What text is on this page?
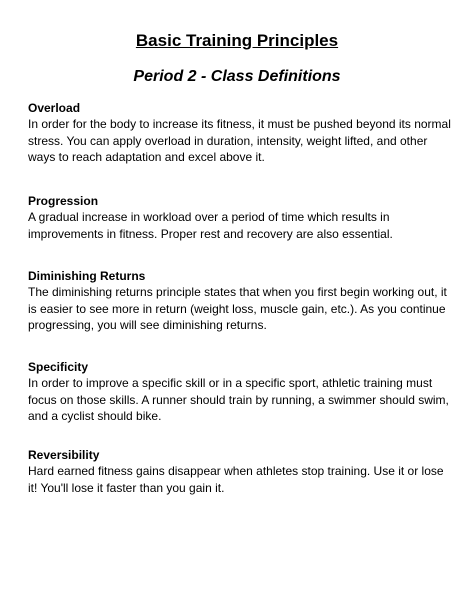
Basic Training Principles
Period 2 - Class Definitions
Overload

In order for the body to increase its fitness, it must be pushed beyond its normal stress. You can apply overload in duration, intensity, weight lifted, and other ways to reach adaptation and excel above it.

Progression

A gradual increase in workload over a period of time which results in improvements in fitness. Proper rest and recovery are also essential.

Diminishing Returns

The diminishing returns principle states that when you first begin working out, it is easier to see more in return (weight loss, muscle gain, etc.). As you continue progressing, you will see diminishing returns.

Specificity

In order to improve a specific skill or in a specific sport, athletic training must focus on those skills. A runner should train by running, a swimmer should swim, and a cyclist should bike.

Reversibility

Hard earned fitness gains disappear when athletes stop training. Use it or lose it! You'll lose it faster than you gain it.
